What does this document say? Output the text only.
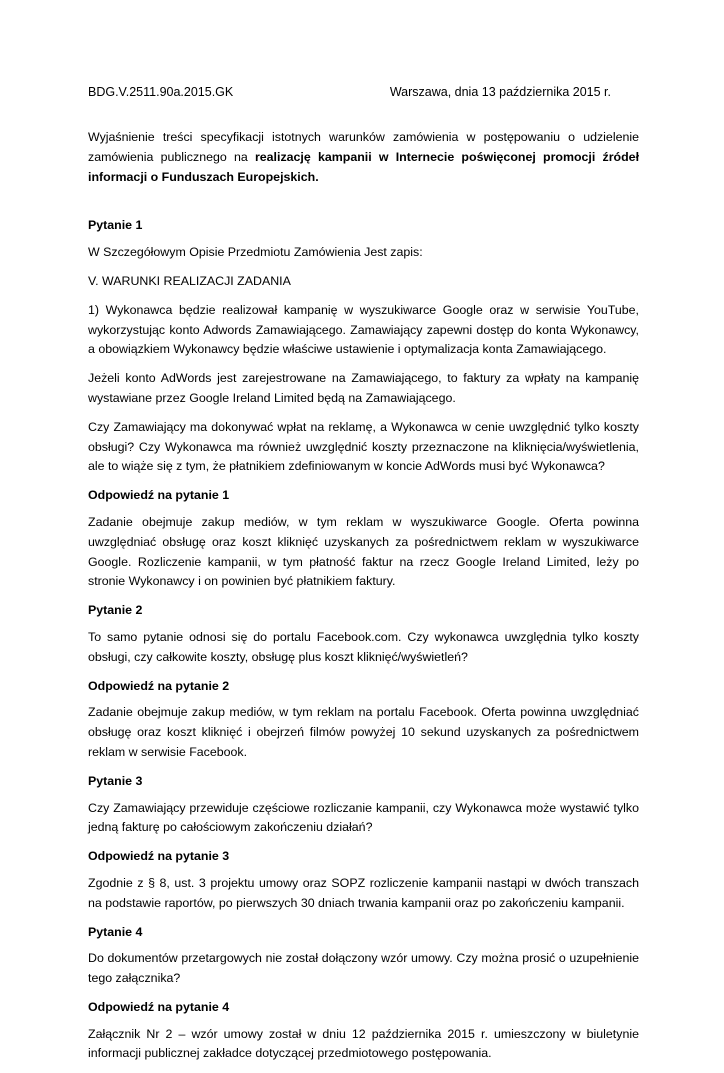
BDG.V.2511.90a.2015.GK	Warszawa, dnia 13 października 2015 r.

Wyjaśnienie treści specyfikacji istotnych warunków zamówienia w postępowaniu o udzielenie zamówienia publicznego na realizację kampanii w Internecie poświęconej promocji źródeł informacji o Funduszach Europejskich.

Pytanie 1

W Szczegółowym Opisie Przedmiotu Zamówienia Jest zapis:

V. WARUNKI REALIZACJI ZADANIA

1) Wykonawca będzie realizował kampanię w wyszukiwarce Google oraz w serwisie YouTube, wykorzystując konto Adwords Zamawiającego. Zamawiający zapewni dostęp do konta Wykonawcy, a obowiązkiem Wykonawcy będzie właściwe ustawienie i optymalizacja konta Zamawiającego.

Jeżeli konto AdWords jest zarejestrowane na Zamawiającego, to faktury za wpłaty na kampanię wystawiane przez Google Ireland Limited będą na Zamawiającego.

Czy Zamawiający ma dokonywać wpłat na reklamę, a Wykonawca w cenie uwzględnić tylko koszty obsługi? Czy Wykonawca ma również uwzględnić koszty przeznaczone na kliknięcia/wyświetlenia, ale to wiąże się z tym, że płatnikiem zdefiniowanym w koncie AdWords musi być Wykonawca?

Odpowiedź na pytanie 1

Zadanie obejmuje zakup mediów, w tym reklam w wyszukiwarce Google. Oferta powinna uwzględniać obsługę oraz koszt kliknięć uzyskanych za pośrednictwem reklam w wyszukiwarce Google. Rozliczenie kampanii, w tym płatność faktur na rzecz Google Ireland Limited, leży po stronie Wykonawcy i on powinien być płatnikiem faktury.

Pytanie 2

To samo pytanie odnosi się do portalu Facebook.com. Czy wykonawca uwzględnia tylko koszty obsługi, czy całkowite koszty, obsługę plus koszt kliknięć/wyświetleń?

Odpowiedź na pytanie 2

Zadanie obejmuje zakup mediów, w tym reklam na portalu Facebook. Oferta powinna uwzględniać obsługę oraz koszt kliknięć i obejrzeń filmów powyżej 10 sekund uzyskanych za pośrednictwem reklam w serwisie Facebook.

Pytanie 3

Czy Zamawiający przewiduje częściowe rozliczanie kampanii, czy Wykonawca może wystawić tylko jedną fakturę po całościowym zakończeniu działań?

Odpowiedź na pytanie 3

Zgodnie z § 8, ust. 3 projektu umowy oraz SOPZ rozliczenie kampanii nastąpi w dwóch transzach na podstawie raportów, po pierwszych 30 dniach trwania kampanii oraz po zakończeniu kampanii.

Pytanie 4

Do dokumentów przetargowych nie został dołączony wzór umowy. Czy można prosić o uzupełnienie tego załącznika?

Odpowiedź na pytanie 4

Załącznik Nr 2 – wzór umowy został w dniu 12 października 2015 r. umieszczony w biuletynie informacji publicznej zakładce dotyczącej przedmiotowego postępowania.
